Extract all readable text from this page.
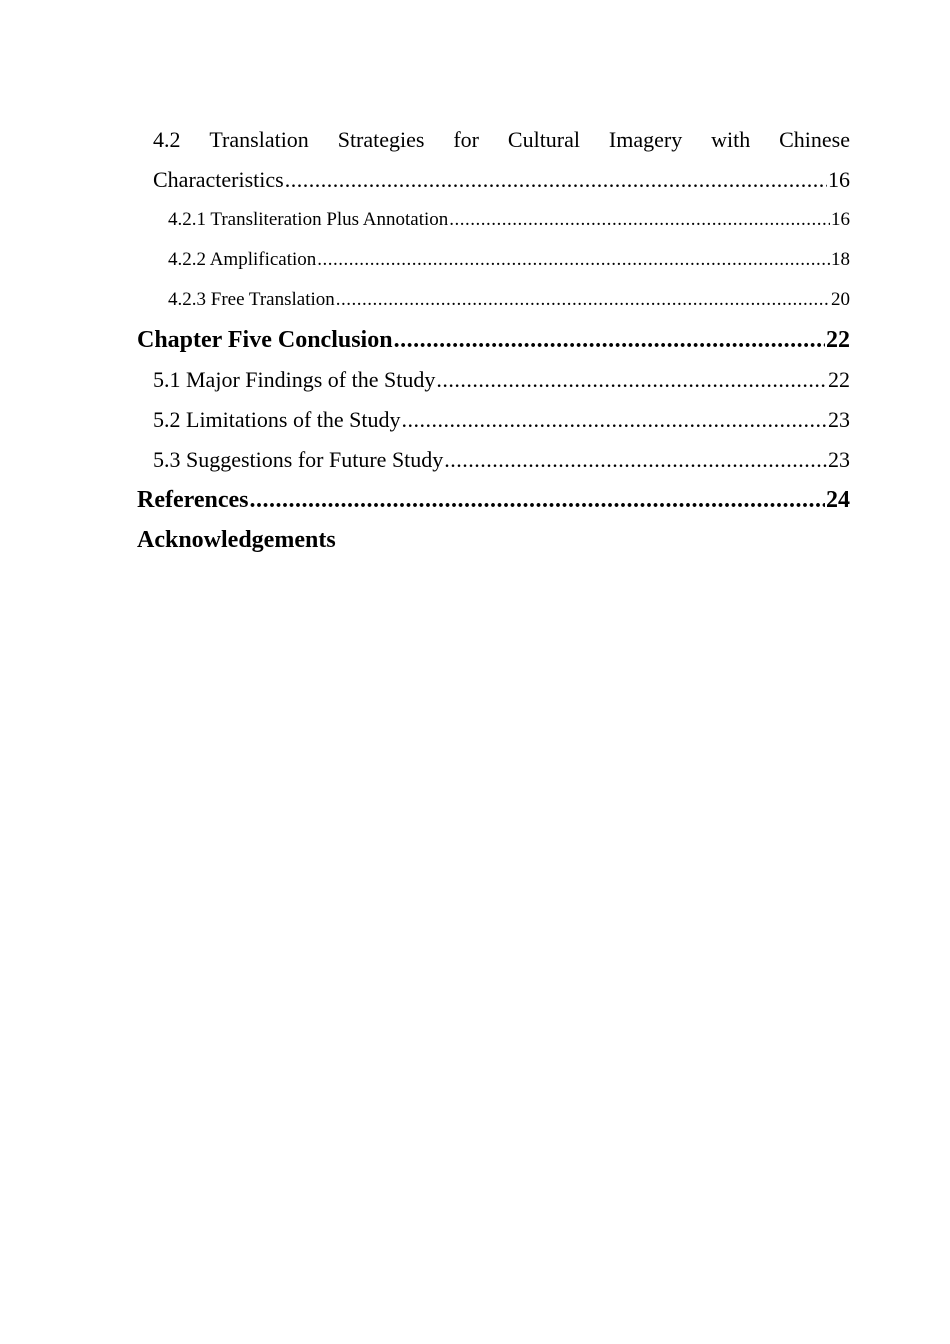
4.2 Translation Strategies for Cultural Imagery with Chinese
Characteristics .....	16
4.2.1 Transliteration Plus Annotation .....	16
4.2.2 Amplification .....	18
4.2.3 Free Translation .....	20
Chapter Five Conclusion .....	22
5.1 Major Findings of the Study .....	22
5.2 Limitations of the Study .....	23
5.3 Suggestions for Future Study .....	23
References .....	24
Acknowledgements
